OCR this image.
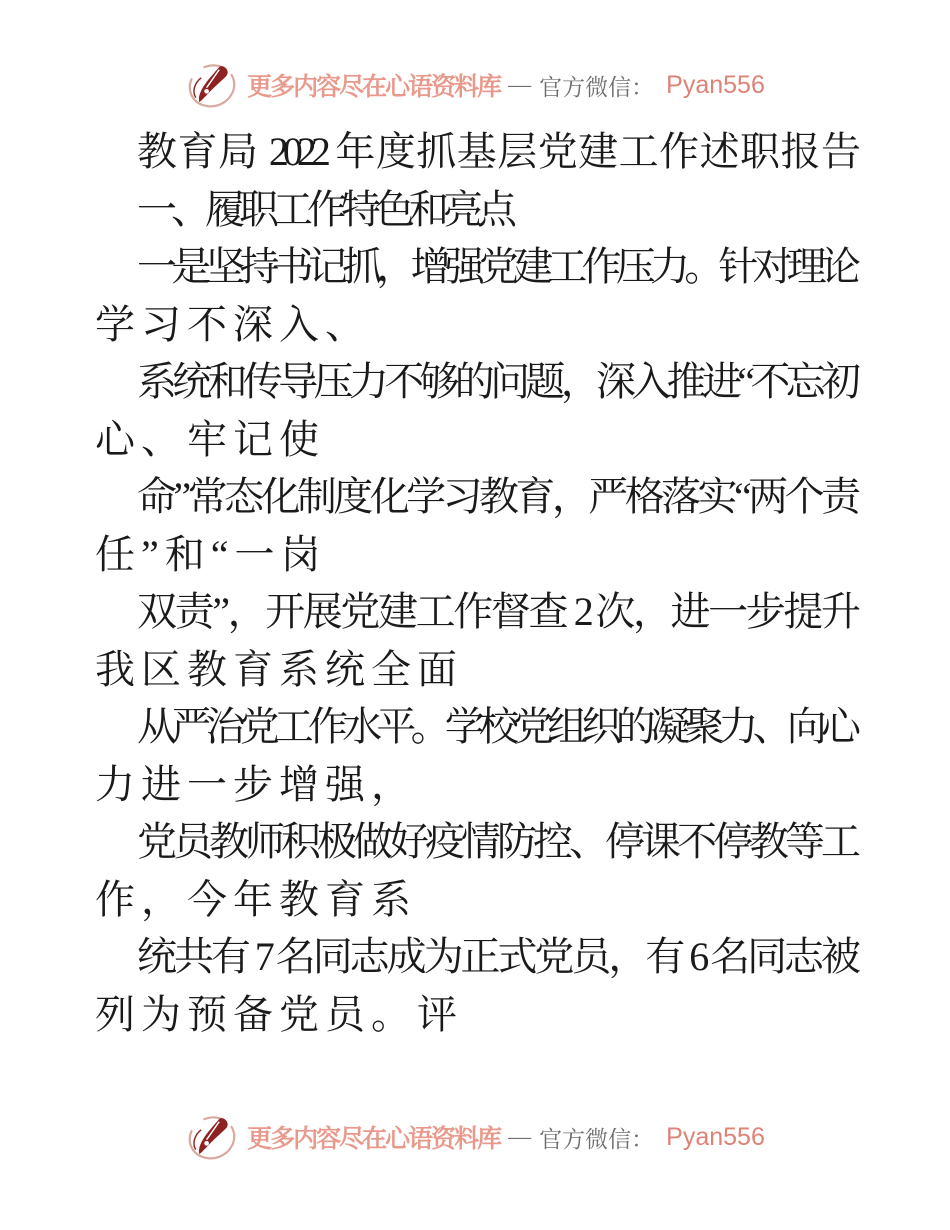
更多内容尽在心语资料库 — 官方微信： Pyan556
教育局 2022 年度抓基层党建工作述职报告
一、履职工作特色和亮点
一是坚持书记抓，增强党建工作压力。针对理论
学习不深入、
系统和传导压力不够的问题，深入推进“不忘初
心、牢记使
命”常态化制度化学习教育，严格落实“两个责
任”和“一岗
双责”，开展党建工作督查 2 次，进一步提升
我区教育系统全面
从严治党工作水平。学校党组织的凝聚力、向心
力进一步增强，
党员教师积极做好疫情防控、停课不停教等工
作，今年教育系
统共有 7 名同志成为正式党员，有 6 名同志被
列为预备党员。评
更多内容尽在心语资料库 — 官方微信： Pyan556
